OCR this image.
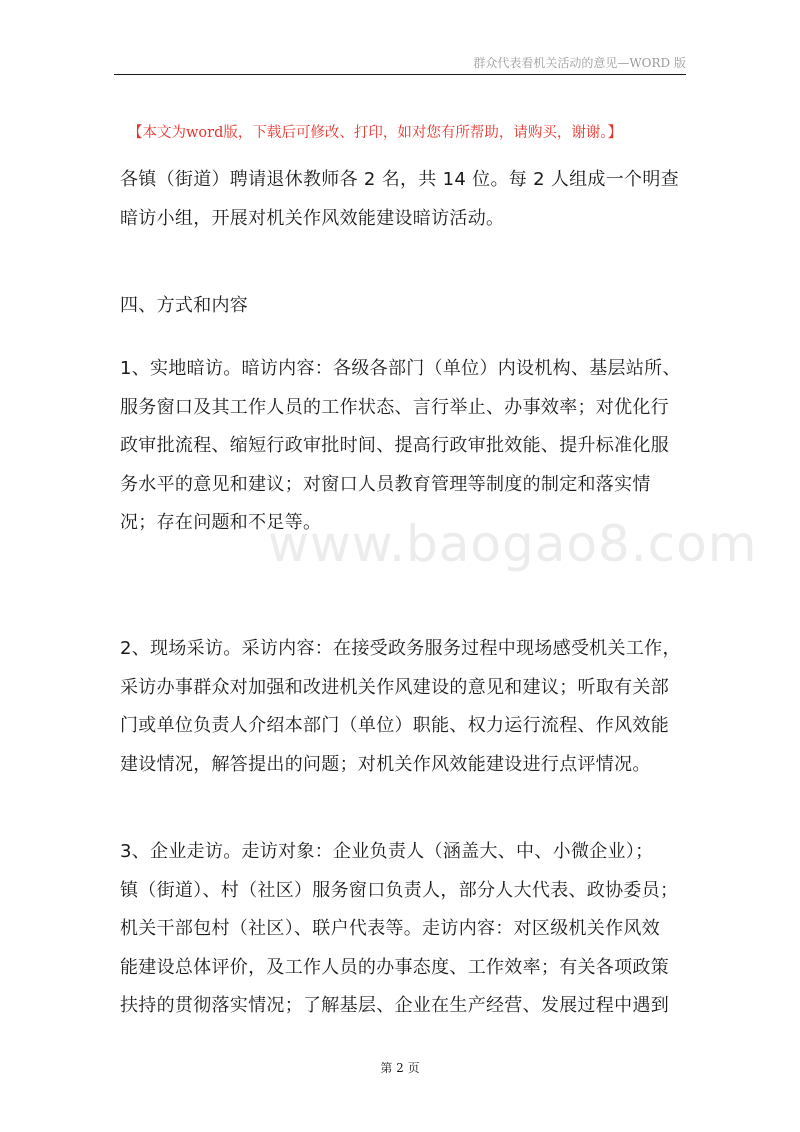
群众代表看机关活动的意见—WORD 版
【本文为word版，下载后可修改、打印，如对您有所帮助，请购买，谢谢。】

各镇（街道）聘请退休教师各 2 名，共 14 位。每 2 人组成一个明查
暗访小组，开展对机关作风效能建设暗访活动。

四、方式和内容

1、实地暗访。暗访内容：各级各部门（单位）内设机构、基层站所、
服务窗口及其工作人员的工作状态、言行举止、办事效率；对优化行
政审批流程、缩短行政审批时间、提高行政审批效能、提升标准化服
务水平的意见和建议；对窗口人员教育管理等制度的制定和落实情
况；存在问题和不足等。

2、现场采访。采访内容：在接受政务服务过程中现场感受机关工作，
采访办事群众对加强和改进机关作风建设的意见和建议；听取有关部
门或单位负责人介绍本部门（单位）职能、权力运行流程、作风效能
建设情况，解答提出的问题；对机关作风效能建设进行点评情况。

3、企业走访。走访对象：企业负责人（涵盖大、中、小微企业）；
镇（街道）、村（社区）服务窗口负责人，部分人大代表、政协委员；
机关干部包村（社区）、联户代表等。走访内容：对区级机关作风效
能建设总体评价，及工作人员的办事态度、工作效率；有关各项政策
扶持的贯彻落实情况；了解基层、企业在生产经营、发展过程中遇到

www.baogao8.com
第 2 页
